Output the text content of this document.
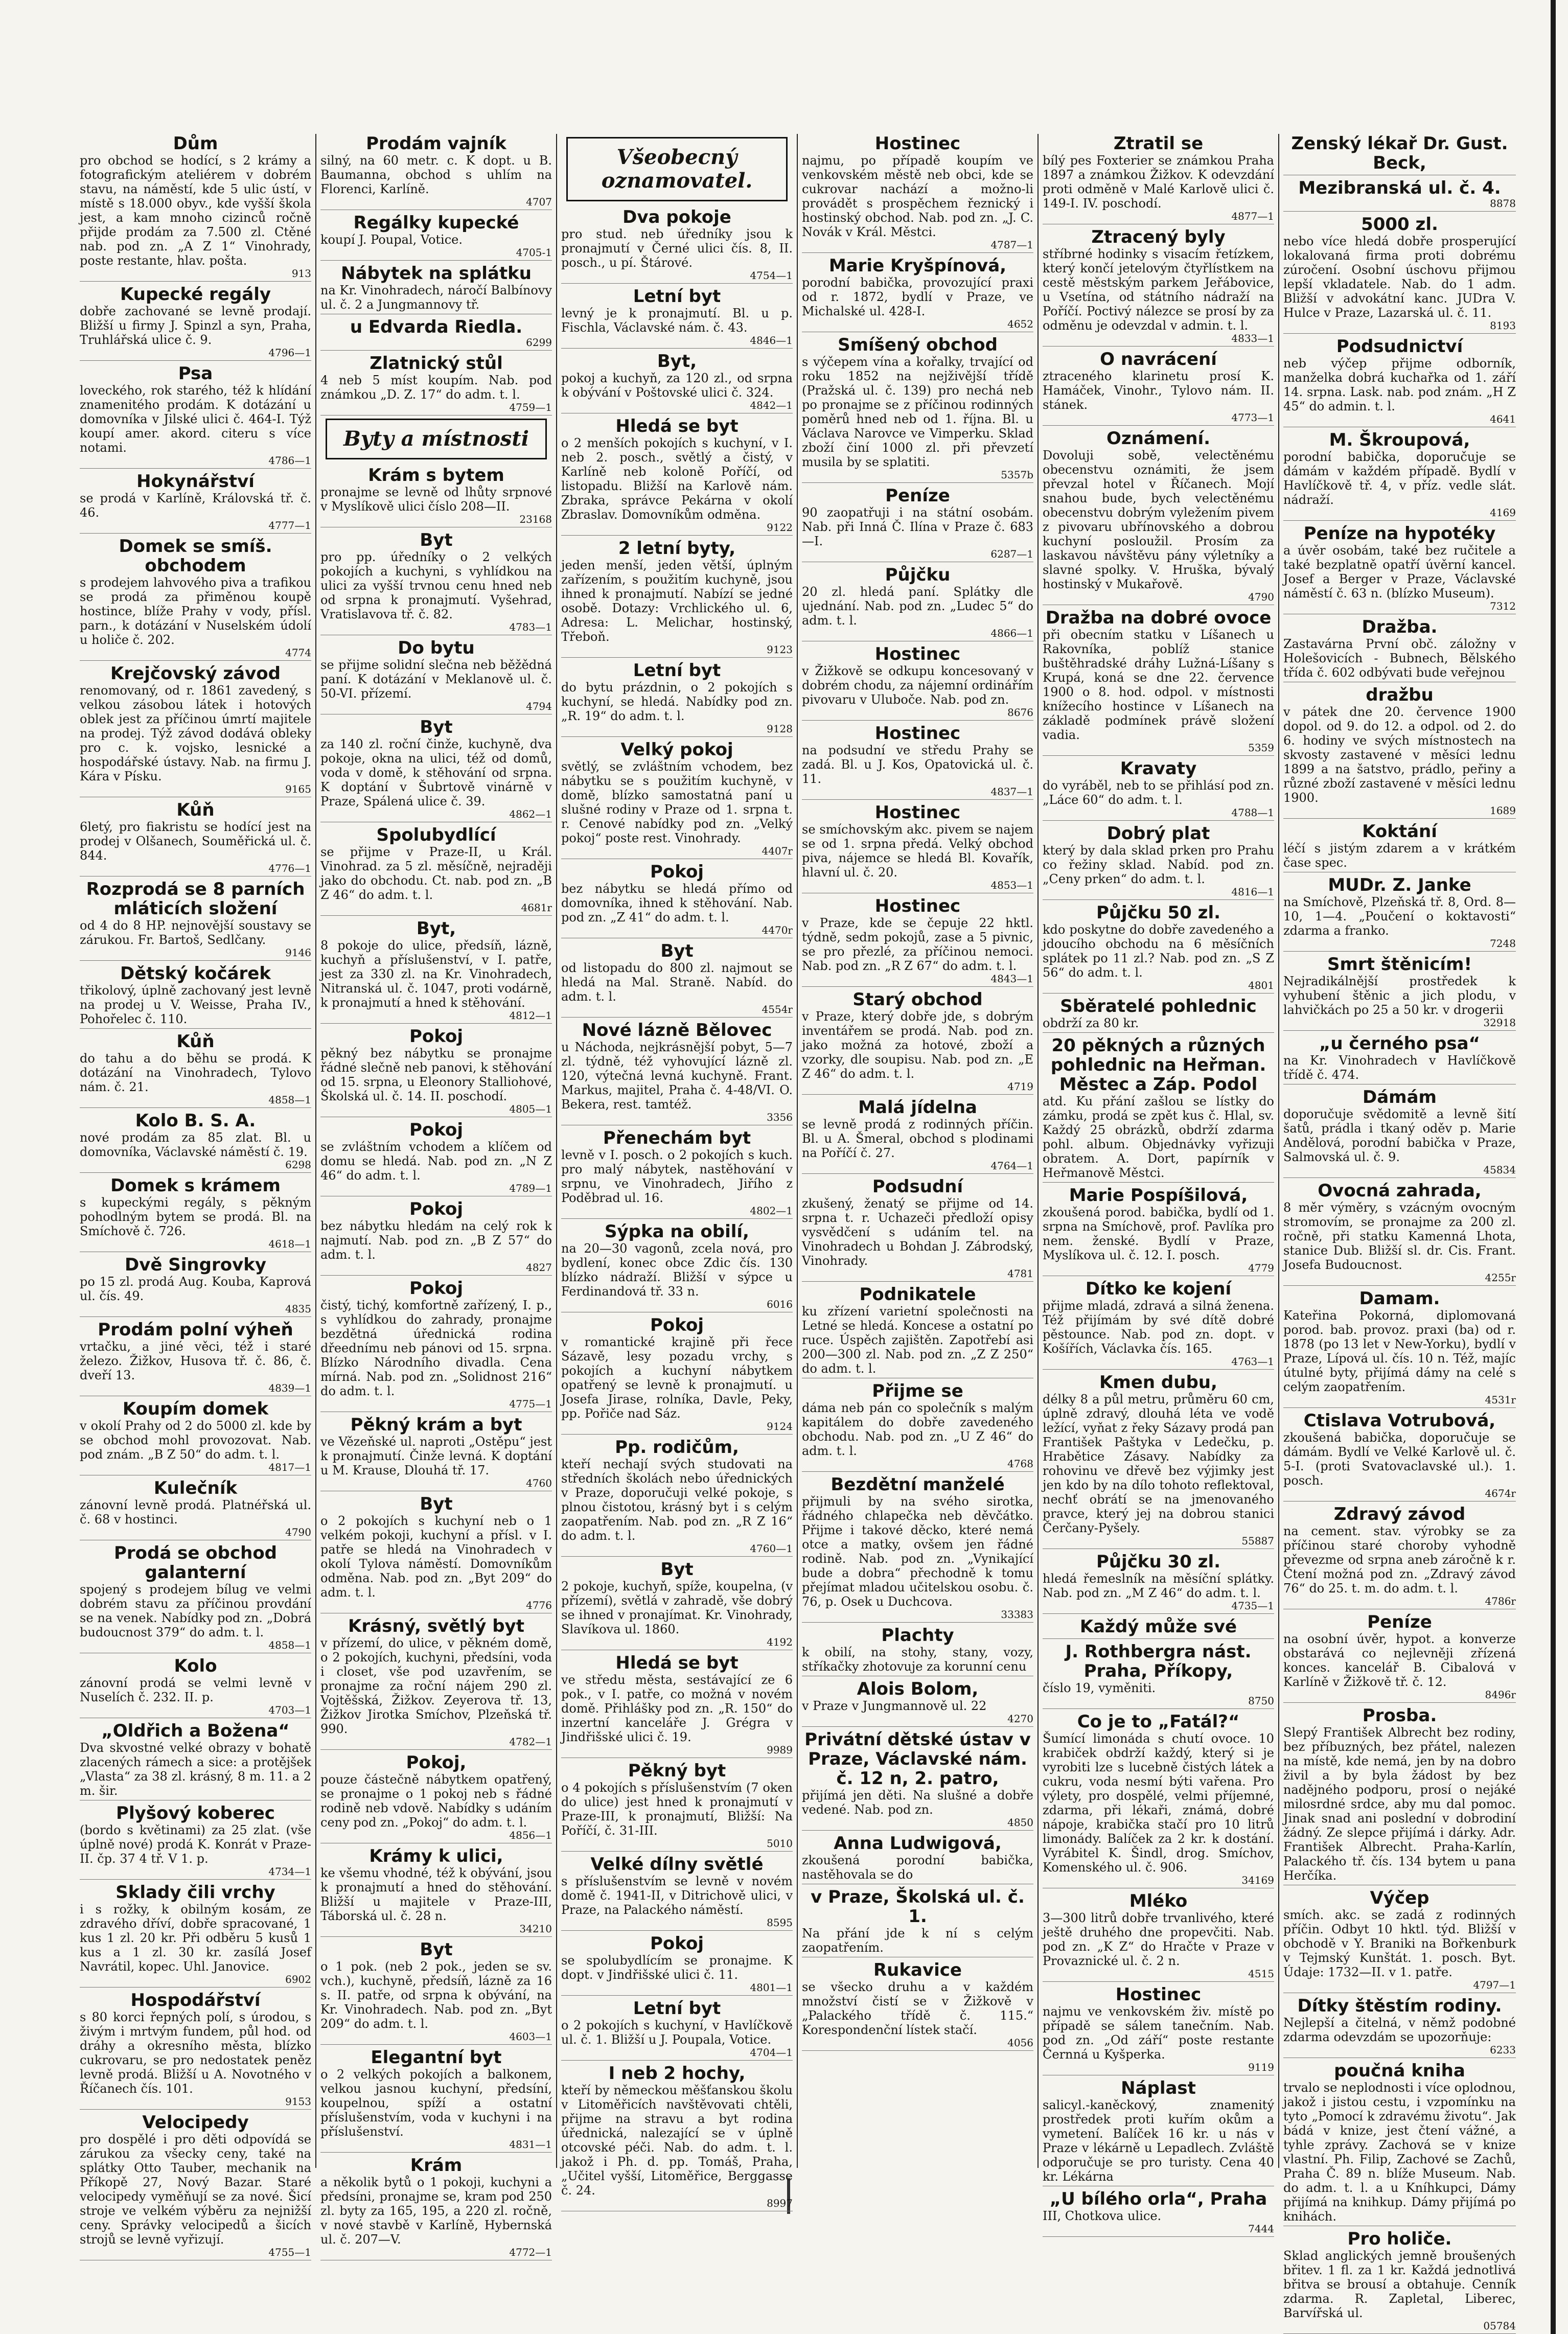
Dům

pro obchod se hodící, s 2 krámy a fotografickým ateliérem v dobrém stavu, na náměstí, kde 5 ulic ústí, v místě s 18.000 obyv., kde vyšší škola jest, a kam mnoho cizinců ročně přijde prodám za 7.500 zl. Ctěné nab. pod zn. „A Z 1“ Vinohrady, poste restante, hlav. pošta.

913
Kupecké regály

dobře zachované se levně prodají. Bližší u firmy J. Spinzl a syn, Praha, Truhlářská ulice č. 9.

4796—1
Psa

loveckého, rok starého, též k hlídání znamenitého prodám. K dotázání u domovníka v Jilské ulici č. 464-I. Týž koupí amer. akord. citeru s více notami.

4786—1
Hokynářství

se prodá v Karlíně, Královská tř. č. 46.

4777—1
Domek se smíš. obchodem

s prodejem lahvového piva a trafikou se prodá za přiměnou koupě hostince, blíže Prahy v vody, přísl. parn., k dotázání v Nuselském údolí u holiče č. 202.

4774
Krejčovský závod

renomovaný, od r. 1861 zavedený, s velkou zásobou látek i hotových oblek jest za příčinou úmrtí majitele na prodej. Týž závod dodává obleky pro c. k. vojsko, lesnické a hospodářské ústavy. Nab. na firmu J. Kára v Písku.

9165
Kůň

6letý, pro fiakristu se hodící jest na prodej v Olšanech, Souměřická ul. č. 844.

4776—1
Rozprodá se 8 parních mláticích složení

od 4 do 8 HP. nejnovější soustavy se zárukou. Fr. Bartoš, Sedlčany.

9146
Dětský kočárek

třikolový, úplně zachovaný jest levně na prodej u V. Weisse, Praha IV., Pohořelec č. 110.

Kůň

do tahu a do běhu se prodá. K dotázání na Vinohradech, Tylovo nám. č. 21.

4858—1
Kolo B. S. A.

nové prodám za 85 zlat. Bl. u domovníka, Václavské náměstí č. 19.

6298
Domek s krámem

s kupeckými regály, s pěkným pohodlným bytem se prodá. Bl. na Smíchově č. 726.

4618—1
Dvě Singrovky

po 15 zl. prodá Aug. Kouba, Kaprová ul. čís. 49.

4835
Prodám polní výheň

vrtačku, a jiné věci, též i staré železo. Žižkov, Husova tř. č. 86, č. dveří 13.

4839—1
Koupím domek

v okolí Prahy od 2 do 5000 zl. kde by se obchod mohl provozovat. Nab. pod znám. „B Z 50“ do adm. t. l.

4817—1
Kulečník

zánovní levně prodá. Platnéřská ul. č. 68 v hostinci.

4790
Prodá se obchod galanterní

spojený s prodejem bílug ve velmi dobrém stavu za příčinou provdání se na venek. Nabídky pod zn. „Dobrá budoucnost 379“ do adm. t. l.

4858—1
Kolo

zánovní prodá se velmi levně v Nuselích č. 232. II. p.

4703—1
„Oldřich a Božena“

Dva skvostné velké obrazy v bohatě zlacených rámech a sice: a protějšek „Vlasta“ za 38 zl. krásný, 8 m. 11. a 2 m. šir.

Plyšový koberec

(bordo s květinami) za 25 zlat. (vše úplně nové) prodá K. Konrát v Praze-II. čp. 37 4 tř. V 1. p.

4734—1
Sklady čili vrchy

i s rožky, k obilným kosám, ze zdravého dříví, dobře spracované, 1 kus 1 zl. 20 kr. Při odběru 5 kusů 1 kus a 1 zl. 30 kr. zasílá Josef Navrátil, kopec. Uhl. Janovice.

6902
Hospodářství

s 80 korci řepných polí, s úrodou, s živým i mrtvým fundem, půl hod. od dráhy a okresního města, blízko cukrovaru, se pro nedostatek peněz levně prodá. Bližší u A. Novotného v Říčanech čís. 101.

9153
Velocipedy

pro dospělé i pro děti odpovídá se zárukou za všecky ceny, také na splátky Otto Tauber, mechanik na Příkopě 27, Nový Bazar. Staré velocipedy vyměňují se za nové. Šicí stroje ve velkém výběru za nejnižší ceny. Správky velocipedů a šicích strojů se levně vyřizují.

4755—1
Prodám vajník

silný, na 60 metr. c. K dopt. u B. Baumanna, obchod s uhlím na Florenci, Karlíně.

4707
Regálky kupecké

koupí J. Poupal, Votice.

4705-1
Nábytek na splátku

na Kr. Vinohradech, náročí Balbínovy ul. č. 2 a Jungmannovy tř.

u Edvarda Riedla.

6299
Zlatnický stůl

4 neb 5 míst koupím. Nab. pod známkou „D. Z. 17“ do adm. t. l.

4759—1
Byty a místnosti
Krám s bytem

pronajme se levně od lhůty srpnové v Myslíkově ulici číslo 208—II.

23168
Byt

pro pp. úředníky o 2 velkých pokojích a kuchyni, s vyhlídkou na ulici za vyšší trvnou cenu hned neb od srpna k pronajmutí. Vyšehrad, Vratislavova tř. č. 82.

4783—1
Do bytu

se přijme solidní slečna neb běžědná paní. K dotázání v Meklanově ul. č. 50-VI. přízemí.

4794
Byt

za 140 zl. roční činže, kuchyně, dva pokoje, okna na ulici, též od domů, voda v domě, k stěhování od srpna. K doptání v Šubrtově vinárně v Praze, Spálená ulice č. 39.

4862—1
Spolubydlící

se přijme v Praze-II, u Král. Vinohrad. za 5 zl. měsíčně, nejraději jako do obchodu. Ct. nab. pod zn. „B Z 46“ do adm. t. l.

4681r
Byt,

8 pokoje do ulice, předsíň, lázně, kuchyň a příslušenství, v I. patře, jest za 330 zl. na Kr. Vinohradech, Nitranská ul. č. 1047, proti vodárně, k pronajmutí a hned k stěhování.

4812—1
Pokoj

pěkný bez nábytku se pronajme řádné slečně neb panovi, k stěhování od 15. srpna, u Eleonory Stalliohové, Školská ul. č. 14. II. poschodí.

4805—1
Pokoj

se zvláštním vchodem a klíčem od domu se hledá. Nab. pod zn. „N Z 46“ do adm. t. l.

4789—1
Pokoj

bez nábytku hledám na celý rok k najmutí. Nab. pod zn. „B Z 57“ do adm. t. l.

4827
Pokoj

čistý, tichý, komfortně zařízený, I. p., s vyhlídkou do zahrady, pronajme bezdětná úřednická rodina dřeednímu neb pánovi od 15. srpna. Blízko Národního divadla. Cena mírná. Nab. pod zn. „Solidnost 216“ do adm. t. l.

4775—1
Pěkný krám a byt

ve Vězeňské ul. naproti „Ostěpu“ jest k pronajmutí. Činže levná. K doptání u M. Krause, Dlouhá tř. 17.

4760
Byt

o 2 pokojích s kuchyní neb o 1 velkém pokoji, kuchyní a přísl. v I. patře se hledá na Vinohradech v okolí Tylova náměstí. Domovníkům odměna. Nab. pod zn. „Byt 209“ do adm. t. l.

4776
Krásný, světlý byt

v přízemí, do ulice, v pěkném domě, o 2 pokojích, kuchyni, předsíni, voda i closet, vše pod uzavřením, se pronajme za roční nájem 290 zl. Vojtěšská, Žižkov. Zeyerova tř. 13, Žižkov Jirotka Smíchov, Plzeňská tř. 990.

4782—1
Pokoj,

pouze částečně nábytkem opatřený, se pronajme o 1 pokoj neb s řádné rodině neb vdově. Nabídky s udáním ceny pod zn. „Pokoj“ do adm. t. l.

4856—1
Krámy k ulici,

ke všemu vhodné, též k obývání, jsou k pronajmutí a hned do stěhování. Bližší u majitele v Praze-III, Táborská ul. č. 28 n.

34210
Byt

o 1 pok. (neb 2 pok., jeden se sv. vch.), kuchyně, předsíň, lázně za 16 s. II. patře, od srpna k obývání, na Kr. Vinohradech. Nab. pod zn. „Byt 209“ do adm. t. l.

4603—1
Elegantní byt

o 2 velkých pokojích a balkonem, velkou jasnou kuchyní, předsíní, koupelnou, spíží a ostatní příslušenstvím, voda v kuchyni i na příslušenství.

4831—1
Krám

a několik bytů o 1 pokoji, kuchyni a předsíni, pronajme se, kram pod 250 zl. byty za 165, 195, a 220 zl. ročně, v nové stavbě v Karlíně, Hybernská ul. č. 207—V.

4772—1
Všeobecný oznamovatel.
Dva pokoje

pro stud. neb úředníky jsou k pronajmutí v Černé ulici čís. 8, II. posch., u pí. Štárové.

4754—1
Letní byt

levný je k pronajmutí. Bl. u p. Fischla, Václavské nám. č. 43.

4846—1
Byt,

pokoj a kuchyň, za 120 zl., od srpna k obývání v Poštovské ulici č. 324.

4842—1
Hledá se byt

o 2 menších pokojích s kuchyní, v I. neb 2. posch., světlý a čistý, v Karlíně neb koloně Poříčí, od listopadu. Bližší na Karlově nám. Zbraka, správce Pekárna v okolí Zbraslav. Domovníkům odměna.

9122
2 letní byty,

jeden menší, jeden větší, úplným zařízením, s použitím kuchyně, jsou ihned k pronajmutí. Nabízí se jedné osobě. Dotazy: Vrchlického ul. 6, Adresa: L. Melichar, hostinský, Třeboň.

9123
Letní byt

do bytu prázdnin, o 2 pokojích s kuchyní, se hledá. Nabídky pod zn. „R. 19“ do adm. t. l.

9128
Velký pokoj

světlý, se zvláštním vchodem, bez nábytku se s použitím kuchyně, v domě, blízko samostatná paní u slušné rodiny v Praze od 1. srpna t. r. Cenové nabídky pod zn. „Velký pokoj“ poste rest. Vinohrady.

4407r
Pokoj

bez nábytku se hledá přímo od domovníka, ihned k stěhování. Nab. pod zn. „Z 41“ do adm. t. l.

4470r
Byt

od listopadu do 800 zl. najmout se hledá na Mal. Straně. Nabíd. do adm. t. l.

4554r
Nové lázně Bělovec

u Náchoda, nejkrásnější pobyt, 5—7 zl. týdně, též vyhovující lázně zl. 120, výtečná levná kuchyně. Frant. Markus, majitel, Praha č. 4-48/VI. O. Bekera, rest. tamtéž.

3356
Přenechám byt

levně v I. posch. o 2 pokojích s kuch. pro malý nábytek, nastěhování v srpnu, ve Vinohradech, Jiřího z Poděbrad ul. 16.

4802—1
Sýpka na obilí,

na 20—30 vagonů, zcela nová, pro bydlení, konec obce Zdic čís. 130 blízko nádraží. Bližší v sýpce u Ferdinandová tř. 33 n.

6016
Pokoj

v romantické krajině při řece Sázavě, lesy pozadu vrchy, s pokojích a kuchyní nábytkem opatřený se levně k pronajmutí. u Josefa Jirase, rolníka, Davle, Peky, pp. Pořiče nad Sáz.

9124
Pp. rodičům,

kteří nechají svých studovati na středních školách nebo úřednických v Praze, doporučuji velké pokoje, s plnou čistotou, krásný byt i s celým zaopatřením. Nab. pod zn. „R Z 16“ do adm. t. l.

4760—1
Byt

2 pokoje, kuchyň, spíže, koupelna, (v přízemí), světlá v zahradě, vše dobrý se ihned v pronajímat. Kr. Vinohrady, Slavíkova ul. 1860.

4192
Hledá se byt

ve středu města, sestávající ze 6 pok., v I. patře, co možná v novém domě. Přihlášky pod zn. „R. 150“ do inzertní kanceláře J. Grégra v Jindřišské ulici č. 19.

9989
Pěkný byt

o 4 pokojích s příslušenstvím (7 oken do ulice) jest hned k pronajmutí v Praze-III, k pronajmutí, Bližší: Na Poříčí, č. 31-III.

5010
Velké dílny světlé

s příslušenstvím se levně v novém domě č. 1941-II, v Ditrichově ulici, v Praze, na Palackého náměstí.

8595
Pokoj

se spolubydlícím se pronajme. K dopt. v Jindřišské ulici č. 11.

4801—1
Letní byt

o 2 pokojích s kuchyní, v Havlíčkově ul. č. 1. Bližší u J. Poupala, Votice.

4704—1
I neb 2 hochy,

kteří by německou měšťanskou školu v Litoměřicích navštěvovati chtěli, přijme na stravu a byt rodina úřednická, nalezající se v úplně otcovské péči. Nab. do adm. t. l. jakož i Ph. d. pp. Tomáš, Praha, „Učitel vyšší, Litoměřice, Berggasse č. 24.

8997
Hostinec

najmu, po případě koupím ve venkovském městě neb obci, kde se cukrovar nachází a možno-li provádět s prospěchem řeznický i hostinský obchod. Nab. pod zn. „J. C. Novák v Král. Městci.

4787—1
Marie Kryšpínová,

porodní babička, provozující praxi od r. 1872, bydlí v Praze, ve Michalské ul. 428-I.

4652
Smíšený obchod

s výčepem vína a kořalky, trvající od roku 1852 na nejživější třídě (Pražská ul. č. 139) pro nechá neb po pronajme se z příčinou rodinných poměrů hned neb od 1. října. Bl. u Václava Narovce ve Vimperku. Sklad zboží činí 1000 zl. při převzetí musila by se splatiti.

5357b
Peníze

90 zaopatřuji i na státní osobám. Nab. při Inná Č. Ilína v Praze č. 683—I.

6287—1
Půjčku

20 zl. hledá paní. Splátky dle ujednání. Nab. pod zn. „Ludec 5“ do adm. t. l.

4866—1
Hostinec

v Žižkově se odkupu koncesovaný v dobrém chodu, za nájemní ordinářím pivovaru v Uluboče. Nab. pod zn.

8676
Hostinec

na podsudní ve středu Prahy se zadá. Bl. u J. Kos, Opatovická ul. č. 11.

4837—1
Hostinec

se smíchovským akc. pivem se najem se od 1. srpna předá. Velký obchod piva, nájemce se hledá Bl. Kovařík, hlavní ul. č. 20.

4853—1
Hostinec

v Praze, kde se čepuje 22 hktl. týdně, sedm pokojů, zase a 5 pivnic, se pro přezlé, za příčinou nemoci. Nab. pod zn. „R Z 67“ do adm. t. l.

4843—1
Starý obchod

v Praze, který dobře jde, s dobrým inventářem se prodá. Nab. pod zn. jako možná za hotové, zboží a vzorky, dle soupisu. Nab. pod zn. „E Z 46“ do adm. t. l.

4719
Malá jídelna

se levně prodá z rodinných příčin. Bl. u A. Šmeral, obchod s plodinami na Poříčí č. 27.

4764—1
Podsudní

zkušený, ženatý se přijme od 14. srpna t. r. Uchazeči předloží opisy vysvědčení s udáním tel. na Vinohradech u Bohdan J. Zábrodský, Vinohrady.

4781
Podnikatele

ku zřízení varietní společnosti na Letné se hledá. Koncese a ostatní po ruce. Úspěch zajištěn. Zapotřebí asi 200—300 zl. Nab. pod zn. „Z Z 250“ do adm. t. l.

Přijme se

dáma neb pán co společník s malým kapitálem do dobře zavedeného obchodu. Nab. pod zn. „U Z 46“ do adm. t. l.

4768
Bezdětní manželé

přijmuli by na svého sirotka, řádného chlapečka neb děvčátko. Přijme i takové děcko, které nemá otce a matky, ovšem jen řádné rodině. Nab. pod zn. „Vynikající bude a dobra“ přechodně k tomu přejímat mladou učitelskou osobu. č. 76, p. Osek u Duchcova.

33383
Plachty

k obilí, na stohy, stany, vozy, stříkačky zhotovuje za korunní cenu

Alois Bolom,

v Praze v Jungmannově ul. 22

4270
Privátní dětské ústav v Praze, Václavské nám. č. 12 n, 2. patro,

přijímá jen děti. Na slušné a dobře vedené. Nab. pod zn.

4850
Anna Ludwigová,

zkoušená porodní babička, nastěhovala se do

v Praze, Školská ul. č. 1.

Na přání jde k ní s celým zaopatřením.

Rukavice

se všecko druhu a v každém množství čistí se v Žižkově v „Palackého třídě č. 115.“ Korespondenční lístek stačí.

4056
Ztratil se

bílý pes Foxterier se známkou Praha 1897 a známkou Žižkov. K odevzdání proti odměně v Malé Karlově ulici č. 149-I. IV. poschodí.

4877—1
Ztracený byly

stříbrné hodinky s visacím řetízkem, který končí jetelovým čtyřlístkem na cestě městským parkem Jeřábovice, u Vsetína, od státního nádraží na Poříčí. Poctivý nálezce se prosí by za odměnu je odevzdal v admin. t. l.

4833—1
O navrácení

ztraceného klarinetu prosí K. Hamáček, Vinohr., Tylovo nám. II. stánek.

4773—1
Oznámení.

Dovoluji sobě, velectěnému obecenstvu oznámiti, že jsem převzal hotel v Říčanech. Mojí snahou bude, bych velectěnému obecenstvu dobrým vyležením pivem z pivovaru ubřínovského a dobrou kuchyní posloužil. Prosím za laskavou návštěvu pány výletníky a slavné spolky. V. Hruška, bývalý hostinský v Mukařově.

4790
Dražba na dobré ovoce

při obecním statku v Líšanech u Rakovníka, poblíž stanice buštěhradské dráhy Lužná-Líšany s Krupá, koná se dne 22. července 1900 o 8. hod. odpol. v místnosti knížecího hostince v Líšanech na základě podmínek právě složení vadia.

5359
Kravaty

do vyráběl, neb to se přihlásí pod zn. „Láce 60“ do adm. t. l.

4788—1
Dobrý plat

který by dala sklad prken pro Prahu co řežiny sklad. Nabíd. pod zn. „Ceny prken“ do adm. t. l.

4816—1
Půjčku 50 zl.

kdo poskytne do dobře zavedeného a jdoucího obchodu na 6 měsíčních splátek po 11 zl.? Nab. pod zn. „S Z 56“ do adm. t. l.

4801
Sběratelé pohlednic

obdrží za 80 kr.

20 pěkných a různých pohlednic na Heřman. Městec a Záp. Podol

atd. Ku přání zašlou se lístky do zámku, prodá se zpět kus č. Hlal, sv. Každý 25 obrázků, obdrží zdarma pohl. album. Objednávky vyřizuji obratem. A. Dort, papírník v Heřmanově Městci.

Marie Pospíšilová,

zkoušená porod. babička, bydlí od 1. srpna na Smíchově, prof. Pavlíka pro nem. ženské. Bydlí v Praze, Myslíkova ul. č. 12. I. posch.

4779
Dítko ke kojení

přijme mladá, zdravá a silná ženena. Též přijímám by své dítě dobré pěstounce. Nab. pod zn. dopt. v Košířích, Václavka čís. 165.

4763—1
Kmen dubu,

délky 8 a půl metru, průměru 60 cm, úplně zdravý, dlouhá léta ve vodě ležící, vyňat z řeky Sázavy prodá pan František Paštyka v Ledečku, p. Hrabětice Zásavy. Nabídky za rohovinu ve dřevě bez výjimky jest jen kdo by na dílo tohoto reflektoval, nechť obrátí se na jmenovaného pravce, který jej na dobrou stanici Čerčany-Pyšely.

55887
Půjčku 30 zl.

hledá řemeslník na měsíční splátky. Nab. pod zn. „M Z 46“ do adm. t. l.

4735—1
Každý může své

J. Rothbergra nást. Praha, Příkopy,

číslo 19, vyměniti.

8750
Co je to „Fatál?“

Šumící limonáda s chutí ovoce. 10 krabiček obdrží každý, který si je vyrobiti lze s lucebně čistých látek a cukru, voda nesmí býti vařena. Pro výlety, pro dospělé, velmi příjemné, zdarma, při lékaři, známá, dobré nápoje, krabička stačí pro 10 litrů limonády. Balíček za 2 kr. k dostání. Vyrábitel K. Šindl, drog. Smíchov, Komenského ul. č. 906.

34169
Mléko

3—300 litrů dobře trvanlivého, které ještě druhého dne propevčiti. Nab. pod zn. „K Z“ do Hračte v Praze v Provaznické ul. č. 2 n.

4515
Hostinec

najmu ve venkovském živ. místě po případě se sálem tanečním. Nab. pod zn. „Od září“ poste restante Černná u Kyšperka.

9119
Náplast

salicyl.-kaněckový, znamenitý prostředek proti kuřím okům a vymetení. Balíček 16 kr. u nás v Praze v lékárně u Lepadlech. Zvláště odporučuje se pro turisty. Cena 40 kr. Lékárna

„U bílého orla“, Praha

III, Chotkova ulice.

7444
Zenský lékař Dr. Gust. Beck,

Mezibranská ul. č. 4.

8878
5000 zl.

nebo více hledá dobře prosperující lokalovaná firma proti dobrému zúročení. Osobní úschovu přijmou lepší vkladatele. Nab. do 1 adm. Bližší v advokátní kanc. JUDra V. Hulce v Praze, Lazarská ul. č. 11.

8193
Podsudnictví

neb výčep přijme odborník, manželka dobrá kuchařka od 1. září 14. srpna. Lask. nab. pod znám. „H Z 45“ do admin. t. l.

4641
M. Škroupová,

porodní babička, doporučuje se dámám v každém případě. Bydlí v Havlíčkově tř. 4, v příz. vedle slát. nádraží.

4169
Peníze na hypotéky

a úvěr osobám, také bez ručitele a také bezplatně opatří úvěrní kancel. Josef a Berger v Praze, Václavské náměstí č. 63 n. (blízko Museum).

7312
Dražba.

Zastavárna První obč. záložny v Holešovicích - Bubnech, Bělského třída č. 602 odbývati bude veřejnou

dražbu

v pátek dne 20. července 1900 dopol. od 9. do 12. a odpol. od 2. do 6. hodiny ve svých místnostech na skvosty zastavené v měsíci lednu 1899 a na šatstvo, prádlo, peřiny a různé zboží zastavené v měsíci lednu 1900.

1689
Koktání

léčí s jistým zdarem a v krátkém čase spec.

MUDr. Z. Janke

na Smíchově, Plzeňská tř. 8, Ord. 8—10, 1—4. „Poučení o koktavosti“ zdarma a franko.

7248
Smrt štěnicím!

Nejradikálnější prostředek k vyhubení štěnic a jich plodu, v lahvičkách po 25 a 50 kr. v drogerii

32918
„u černého psa“

na Kr. Vinohradech v Havlíčkově třídě č. 474.

Dámám

doporučuje svědomitě a levně šití šatů, prádla i tkaný oděv p. Marie Andělová, porodní babička v Praze, Salmovská ul. č. 9.

45834
Ovocná zahrada,

8 měr výměry, s vzácným ovocným stromovím, se pronajme za 200 zl. ročně, při statku Kamenná Lhota, stanice Dub. Bližší sl. dr. Cis. Frant. Josefa Budoucnost.

4255r
Damam.

Kateřina Pokorná, diplomovaná porod. bab. provoz. praxi (ba) od r. 1878 (po 13 let v New-Yorku), bydlí v Praze, Lípová ul. čís. 10 n. Též, majíc útulné byty, přijímá dámy na celé s celým zaopatřením.

4531r
Ctislava Votrubová,

zkoušená babička, doporučuje se dámám. Bydlí ve Velké Karlově ul. č. 5-I. (proti Svatovaclavské ul.). 1. posch.

4674r
Zdravý závod

na cement. stav. výrobky se za příčinou staré choroby vyhodně převezme od srpna aneb záročně k r. Čtení možná pod zn. „Zdravý závod 76“ do 25. t. m. do adm. t. l.

4786r
Peníze

na osobní úvěr, hypot. a konverze obstarává co nejlevněji zřízená konces. kancelář B. Cibalová v Karlíně v Žižkově tř. č. 12.

8496r
Prosba.

Slepý František Albrecht bez rodiny, bez příbuzných, bez přátel, nalezen na místě, kde nemá, jen by na dobro živil a by byla žádost by bez nadějného podporu, prosí o nejáké milosrdné srdce, aby mu dal pomoc. Jinak snad ani poslední v dobrodiní žádný. Ze slepce přijímá i dárky. Adr. František Albrecht. Praha-Karlín, Palackého tř. čís. 134 bytem u pana Herčíka.

Výčep

smích. akc. se zadá z rodinných příčin. Odbyt 10 hktl. týd. Bližší v obchodě v Y. Braniki na Bořkenburk v Tejmský Kunštát. 1. posch. Byt. Údaje: 1732—II. v 1. patře.

4797—1
Dítky štěstím rodiny.

Nejlepší a čitelná, v němž podobné zdarma odevzdám se upozorňuje:

6233
poučná kniha

trvalo se neplodnosti i více oplodnou, jakož i jistou cestu, i vzpomínku na tyto „Pomocí k zdravému životu“. Jak bádá v knize, jest čtení vážné, a tyhle zprávy. Zachová se v knize vlastní. Ph. Filip, Zachové se Zachů, Praha Č. 89 n. blíže Museum. Nab. do adm. t. l. a u Kníhkupci, Dámy přijímá na knihkup. Dámy přijímá po knihách.

Pro holiče.

Sklad anglických jemně broušených břitev. 1 fl. za 1 kr. Každá jednotlivá břitva se brousí a obtahuje. Cenník zdarma. R. Zapletal, Liberec, Barvířská ul.

05784
